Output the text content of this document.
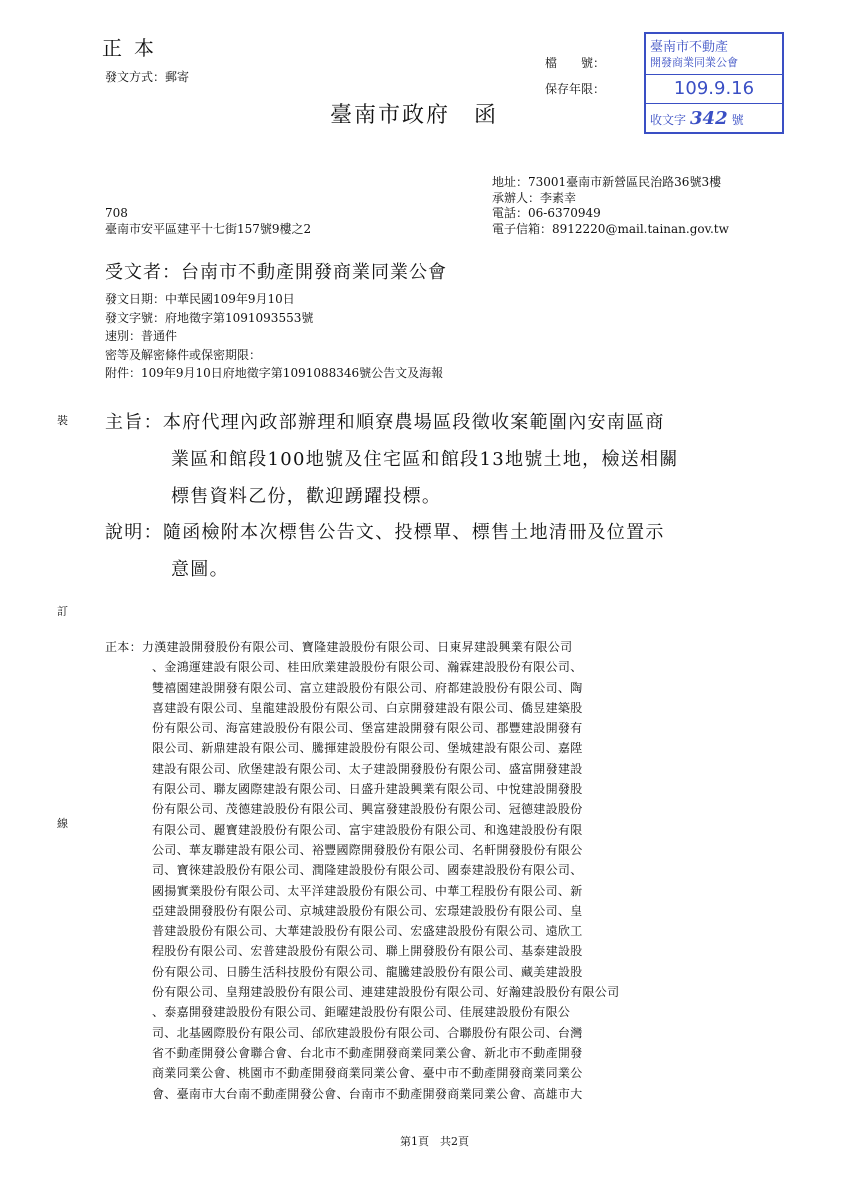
正本
發文方式：郵寄
檔　　號：
保存年限：
臺南市不動產
開發商業同業公會
109.9.16
收文字 342 號
臺南市政府　函
地址：73001臺南市新營區民治路36號3樓
承辦人：李素幸
電話：06-6370949
電子信箱：8912220@mail.tainan.gov.tw
708
臺南市安平區建平十七街157號9樓之2
受文者：台南市不動產開發商業同業公會
發文日期：中華民國109年9月10日
發文字號：府地徵字第1091093553號
速別：普通件
密等及解密條件或保密期限：
附件：109年9月10日府地徵字第1091088346號公告文及海報
裝
訂
線
主旨：本府代理內政部辦理和順寮農場區段徵收案範圍內安南區商
業區和館段100地號及住宅區和館段13地號土地，檢送相關
標售資料乙份，歡迎踴躍投標。
說明：隨函檢附本次標售公告文、投標單、標售土地清冊及位置示
意圖。
正本：力漢建設開發股份有限公司、寶隆建設股份有限公司、日東昇建設興業有限公司
、金鴻運建設有限公司、桂田欣業建設股份有限公司、瀚霖建設股份有限公司、
雙禧園建設開發有限公司、富立建設股份有限公司、府都建設股份有限公司、陶
喜建設有限公司、皇龍建設股份有限公司、白京開發建設有限公司、僑昱建築股
份有限公司、海富建設股份有限公司、堡富建設開發有限公司、郡豐建設開發有
限公司、新鼎建設有限公司、騰揮建設股份有限公司、堡城建設有限公司、嘉陞
建設有限公司、欣堡建設有限公司、太子建設開發股份有限公司、盛富開發建設
有限公司、聯友國際建設有限公司、日盛升建設興業有限公司、中悅建設開發股
份有限公司、茂德建設股份有限公司、興富發建設股份有限公司、冠德建設股份
有限公司、麗寶建設股份有限公司、富宇建設股份有限公司、和逸建設股份有限
公司、華友聯建設有限公司、裕豐國際開發股份有限公司、名軒開發股份有限公
司、寶徠建設股份有限公司、潤隆建設股份有限公司、國泰建設股份有限公司、
國揚實業股份有限公司、太平洋建設股份有限公司、中華工程股份有限公司、新
亞建設開發股份有限公司、京城建設股份有限公司、宏璟建設股份有限公司、皇
普建設股份有限公司、大華建設股份有限公司、宏盛建設股份有限公司、遠欣工
程股份有限公司、宏普建設股份有限公司、聯上開發股份有限公司、基泰建設股
份有限公司、日勝生活科技股份有限公司、龍騰建設股份有限公司、藏美建設股
份有限公司、皇翔建設股份有限公司、連建建設股份有限公司、好瀚建設股份有限公司
、泰嘉開發建設股份有限公司、鉅曜建設股份有限公司、佳展建設股份有限公
司、北基國際股份有限公司、邰欣建設股份有限公司、合聯股份有限公司、台灣
省不動產開發公會聯合會、台北市不動產開發商業同業公會、新北市不動產開發
商業同業公會、桃園市不動產開發商業同業公會、臺中市不動產開發商業同業公
會、臺南市大台南不動產開發公會、台南市不動產開發商業同業公會、高雄市大
第1頁　共2頁
